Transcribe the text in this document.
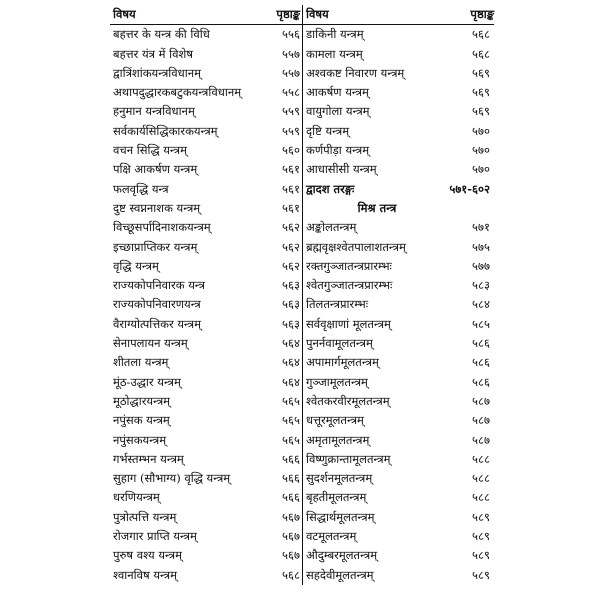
विषय	पृष्ठाङ्क विषय	पृष्ठाङ्क
बहत्तर के यन्त्र की विधि	५५६
बहत्तर यंत्र में विशेष	५५७
द्वात्रिंशांकयन्त्रविधानम्	५५७
अथापदुद्धारकबटुकयन्त्रविधानम्	५५८
हनुमान यन्त्रविधानम्	५५९
सर्वकार्यसिद्धिकारकयन्त्रम्	५५९
वचन सिद्धि यन्त्रम्	५६०
पक्षि आकर्षण यन्त्रम्	५६१
फलवृद्धि यन्त्र	५६१
दुष्ट स्वप्ननाशक यन्त्रम्	५६१
विच्छूसर्पादिनाशकयन्त्रम्	५६२
इच्छाप्राप्तिकर यन्त्रम्	५६२
वृद्धि यन्त्रम्	५६२
राज्यकोपनिवारक यन्त्र	५६३
राज्यकोपनिवारणयन्त्र	५६३
वैराग्योत्पत्तिकर यन्त्रम्	५६३
सेनापलायन यन्त्रम्	५६४
शीतला यन्त्रम्	५६४
मूंठ-उद्धार यन्त्रम्	५६४
मूठोद्धारयन्त्रम्	५६५
नपुंसक यन्त्रम्	५६५
नपुंसकयन्त्रम्	५६५
गर्भस्तम्भन यन्त्रम्	५६६
सुहाग (सौभाग्य) वृद्धि यन्त्रम्	५६६
धरणियन्त्रम्	५६६
पुत्रोत्पत्ति यन्त्रम्	५६७
रोजगार प्राप्ति यन्त्रम्	५६७
पुरुष वश्य यन्त्रम्	५६७
श्वानविष यन्त्रम्	५६८
डाकिनी यन्त्रम्	५६८
कामला यन्त्रम्	५६८
अश्वकष्ट निवारण यन्त्रम्	५६९
आकर्षण यन्त्रम्	५६९
वायुगोला यन्त्रम्	५६९
दृष्टि यन्त्रम्	५७०
कर्णपीड़ा यन्त्रम्	५७०
आधासीसी यन्त्रम्	५७०
द्वादश तरङ्गः	५७१-६०२
मिश्र तन्त्र
अङ्कोलतन्त्रम्	५७१
ब्रह्मवृक्षश्वेतपालाशतन्त्रम्	५७५
रक्तगुञ्जातन्त्रप्रारम्भः	५७७
श्वेतगुञ्जातन्त्रप्रारम्भः	५८३
तिलतन्त्रप्रारम्भः	५८४
सर्ववृक्षाणां मूलतन्त्रम्	५८५
पुनर्नवामूलतन्त्रम्	५८६
अपामार्गमूलतन्त्रम्	५८६
गुञ्जामूलतन्त्रम्	५८६
श्वेतकरवीरमूलतन्त्रम्	५८७
धत्तूरमूलतन्त्रम्	५८७
अमृतामूलतन्त्रम्	५८७
विष्णुक्रान्तामूलतन्त्रम्	५८८
सुदर्शनमूलतन्त्रम्	५८८
बृहतीमूलतन्त्रम्	५८८
सिद्धार्थमूलतन्त्रम्	५८९
वटमूलतन्त्रम्	५८९
औदुम्बरमूलतन्त्रम्	५८९
सहदेवीमूलतन्त्रम्	५८९
